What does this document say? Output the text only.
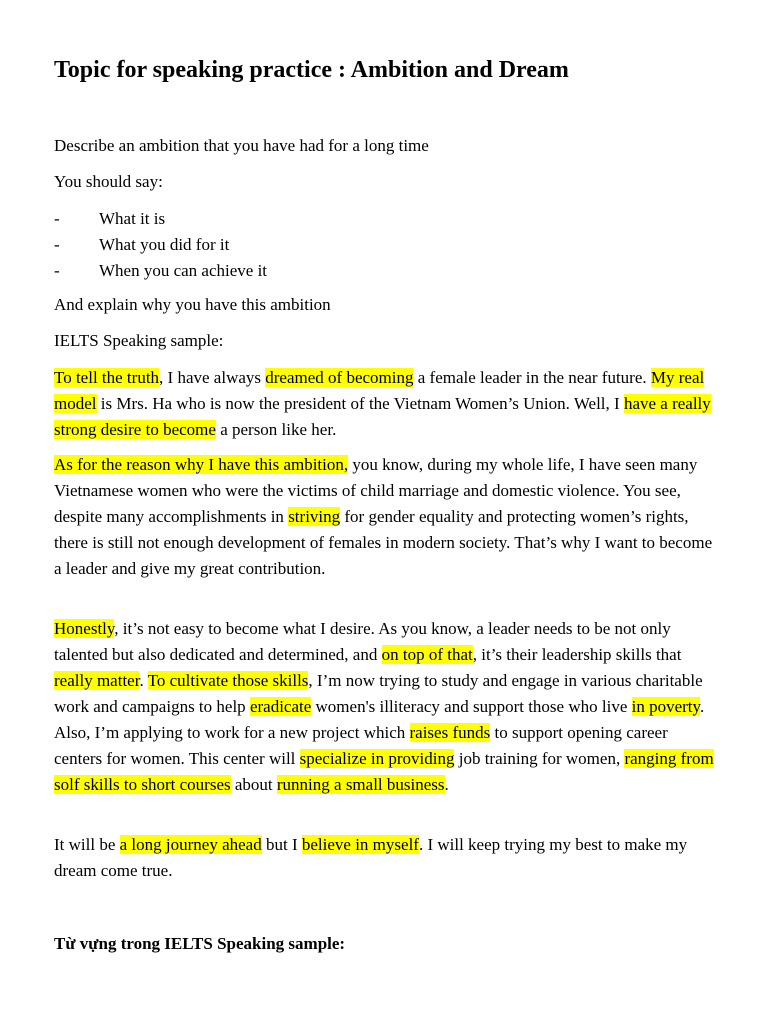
Topic for speaking practice : Ambition and Dream

Describe an ambition that you have had for a long time

You should say:

-	What it is
-	What you did for it
-	When you can achieve it

And explain why you have this ambition

IELTS Speaking sample:

To tell the truth, I have always dreamed of becoming a female leader in the near future. My real model is Mrs. Ha who is now the president of the Vietnam Women’s Union. Well, I have a really strong desire to become a person like her.

As for the reason why I have this ambition, you know, during my whole life, I have seen many Vietnamese women who were the victims of child marriage and domestic violence. You see, despite many accomplishments in striving for gender equality and protecting women’s rights, there is still not enough development of females in modern society. That’s why I want to become a leader and give my great contribution.

Honestly, it’s not easy to become what I desire. As you know, a leader needs to be not only talented but also dedicated and determined, and on top of that, it’s their leadership skills that really matter. To cultivate those skills, I’m now trying to study and engage in various charitable work and campaigns to help eradicate women's illiteracy and support those who live in poverty. Also, I’m applying to work for a new project which raises funds to support opening career centers for women. This center will specialize in providing job training for women, ranging from solf skills to short courses about running a small business.

It will be a long journey ahead but I believe in myself. I will keep trying my best to make my dream come true.

Từ vựng trong IELTS Speaking sample:
